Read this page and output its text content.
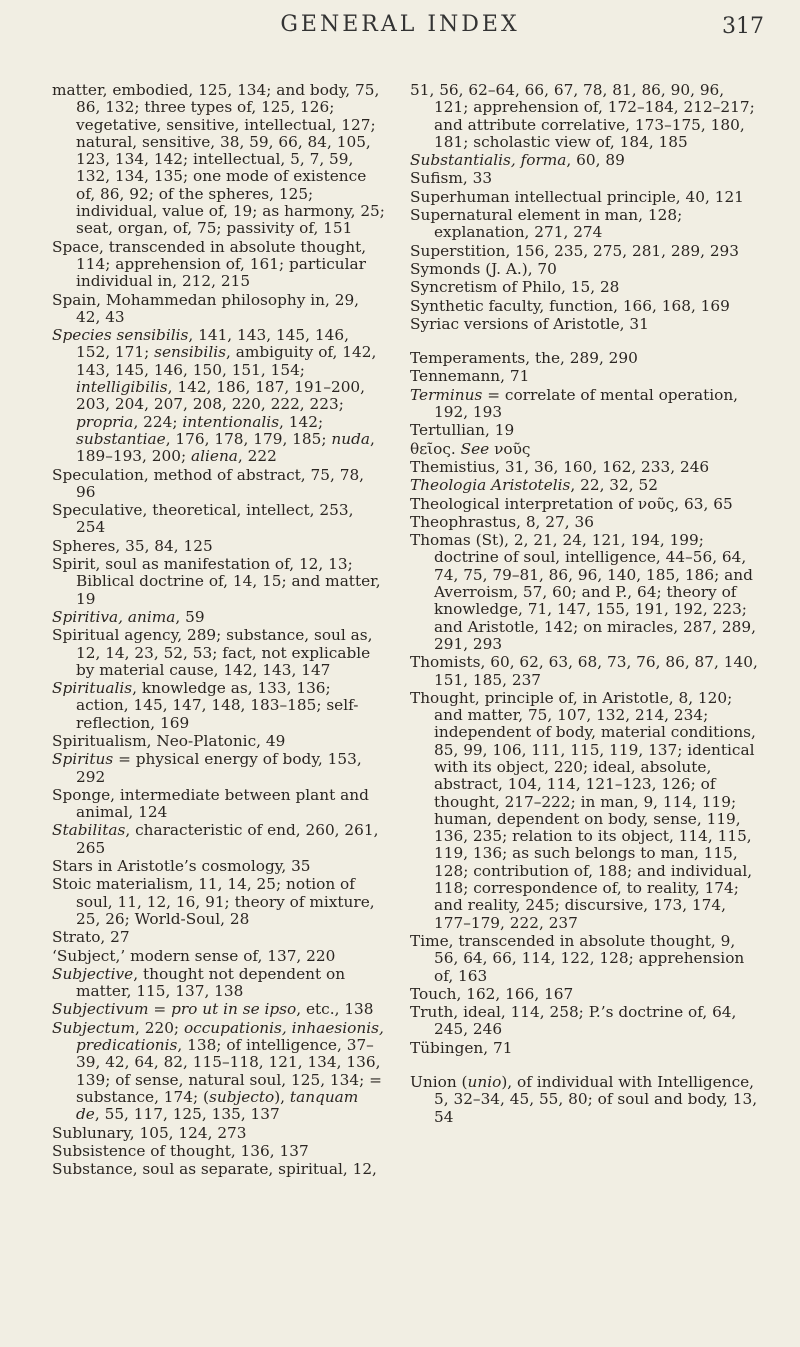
GENERAL INDEX	317

matter, embodied, 125, 134; and body, 75, 86, 132; three types of, 125, 126; vegetative, sensitive, intellectual, 127; natural, sensitive, 38, 59, 66, 84, 105, 123, 134, 142; intellectual, 5, 7, 59, 132, 134, 135; one mode of existence of, 86, 92; of the spheres, 125; individual, value of, 19; as harmony, 25; seat, organ, of, 75; passivity of, 151

Space, transcended in absolute thought, 114; apprehension of, 161; particular individual in, 212, 215

Spain, Mohammedan philosophy in, 29, 42, 43

Species sensibilis, 141, 143, 145, 146, 152, 171; sensibilis, ambiguity of, 142, 143, 145, 146, 150, 151, 154; intelligibilis, 142, 186, 187, 191–200, 203, 204, 207, 208, 220, 222, 223; propria, 224; intentionalis, 142; substantiae, 176, 178, 179, 185; nuda, 189–193, 200; aliena, 222

Speculation, method of abstract, 75, 78, 96

Speculative, theoretical, intellect, 253, 254

Spheres, 35, 84, 125

Spirit, soul as manifestation of, 12, 13; Biblical doctrine of, 14, 15; and matter, 19

Spiritiva, anima, 59

Spiritual agency, 289; substance, soul as, 12, 14, 23, 52, 53; fact, not explicable by material cause, 142, 143, 147

Spiritualis, knowledge as, 133, 136; action, 145, 147, 148, 183–185; self-reflection, 169

Spiritualism, Neo-Platonic, 49

Spiritus = physical energy of body, 153, 292

Sponge, intermediate between plant and animal, 124

Stabilitas, characteristic of end, 260, 261, 265

Stars in Aristotle’s cosmology, 35

Stoic materialism, 11, 14, 25; notion of soul, 11, 12, 16, 91; theory of mixture, 25, 26; World-Soul, 28

Strato, 27

‘Subject,’ modern sense of, 137, 220

Subjective, thought not dependent on matter, 115, 137, 138

Subjectivum = pro ut in se ipso, etc., 138

Subjectum, 220; occupationis, inhaesionis, predicationis, 138; of intelligence, 37–39, 42, 64, 82, 115–118, 121, 134, 136, 139; of sense, natural soul, 125, 134; = substance, 174; (subjecto), tanquam de, 55, 117, 125, 135, 137

Sublunary, 105, 124, 273

Subsistence of thought, 136, 137

Substance, soul as separate, spiritual, 12,

51, 56, 62–64, 66, 67, 78, 81, 86, 90, 96, 121; apprehension of, 172–184, 212–217; and attribute correlative, 173–175, 180, 181; scholastic view of, 184, 185

Substantialis, forma, 60, 89

Sufism, 33

Superhuman intellectual principle, 40, 121

Supernatural element in man, 128; explanation, 271, 274

Superstition, 156, 235, 275, 281, 289, 293

Symonds (J. A.), 70

Syncretism of Philo, 15, 28

Synthetic faculty, function, 166, 168, 169

Syriac versions of Aristotle, 31

Temperaments, the, 289, 290

Tennemann, 71

Terminus = correlate of mental operation, 192, 193

Tertullian, 19

θεῖος. See νοῦς

Themistius, 31, 36, 160, 162, 233, 246

Theologia Aristotelis, 22, 32, 52

Theological interpretation of νοῦς, 63, 65

Theophrastus, 8, 27, 36

Thomas (St), 2, 21, 24, 121, 194, 199; doctrine of soul, intelligence, 44–56, 64, 74, 75, 79–81, 86, 96, 140, 185, 186; and Averroism, 57, 60; and P., 64; theory of knowledge, 71, 147, 155, 191, 192, 223; and Aristotle, 142; on miracles, 287, 289, 291, 293

Thomists, 60, 62, 63, 68, 73, 76, 86, 87, 140, 151, 185, 237

Thought, principle of, in Aristotle, 8, 120; and matter, 75, 107, 132, 214, 234; independent of body, material conditions, 85, 99, 106, 111, 115, 119, 137; identical with its object, 220; ideal, absolute, abstract, 104, 114, 121–123, 126; of thought, 217–222; in man, 9, 114, 119; human, dependent on body, sense, 119, 136, 235; relation to its object, 114, 115, 119, 136; as such belongs to man, 115, 128; contribution of, 188; and individual, 118; correspondence of, to reality, 174; and reality, 245; discursive, 173, 174, 177–179, 222, 237

Time, transcended in absolute thought, 9, 56, 64, 66, 114, 122, 128; apprehension of, 163

Touch, 162, 166, 167

Truth, ideal, 114, 258; P.’s doctrine of, 64, 245, 246

Tübingen, 71

Union (unio), of individual with Intelligence, 5, 32–34, 45, 55, 80; of soul and body, 13, 54
